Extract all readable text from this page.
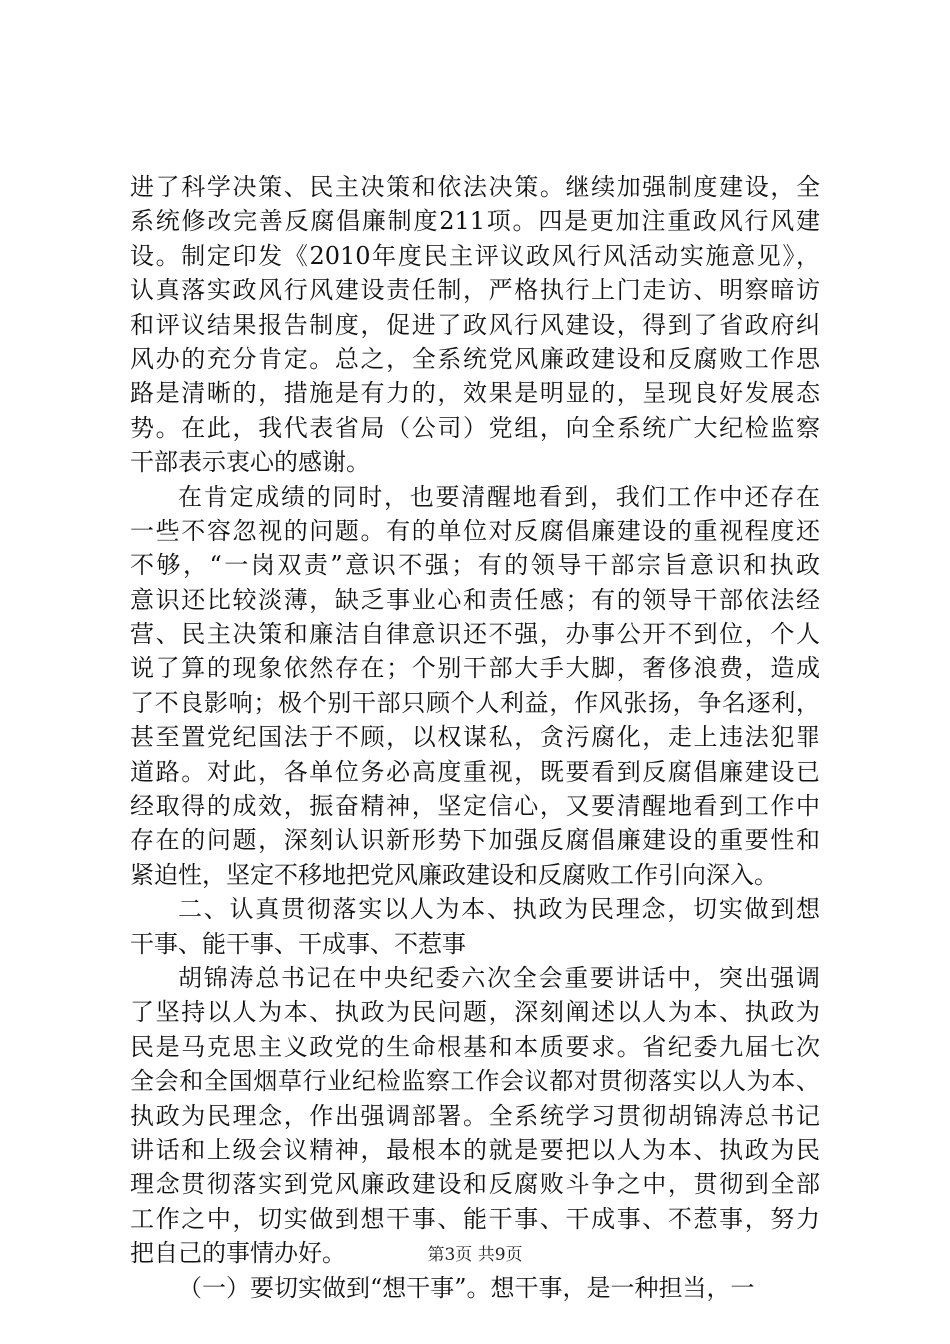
进了科学决策、民主决策和依法决策。继续加强制度建设，全
系统修改完善反腐倡廉制度211项。四是更加注重政风行风建
设。制定印发《2010年度民主评议政风行风活动实施意见》，
认真落实政风行风建设责任制，严格执行上门走访、明察暗访
和评议结果报告制度，促进了政风行风建设，得到了省政府纠
风办的充分肯定。总之，全系统党风廉政建设和反腐败工作思
路是清晰的，措施是有力的，效果是明显的，呈现良好发展态
势。在此，我代表省局（公司）党组，向全系统广大纪检监察
干部表示衷心的感谢。
在肯定成绩的同时，也要清醒地看到，我们工作中还存在
一些不容忽视的问题。有的单位对反腐倡廉建设的重视程度还
不够，“一岗双责”意识不强；有的领导干部宗旨意识和执政
意识还比较淡薄，缺乏事业心和责任感；有的领导干部依法经
营、民主决策和廉洁自律意识还不强，办事公开不到位，个人
说了算的现象依然存在；个别干部大手大脚，奢侈浪费，造成
了不良影响；极个别干部只顾个人利益，作风张扬，争名逐利，
甚至置党纪国法于不顾，以权谋私，贪污腐化，走上违法犯罪
道路。对此，各单位务必高度重视，既要看到反腐倡廉建设已
经取得的成效，振奋精神，坚定信心，又要清醒地看到工作中
存在的问题，深刻认识新形势下加强反腐倡廉建设的重要性和
紧迫性，坚定不移地把党风廉政建设和反腐败工作引向深入。
二、认真贯彻落实以人为本、执政为民理念，切实做到想
干事、能干事、干成事、不惹事
胡锦涛总书记在中央纪委六次全会重要讲话中，突出强调
了坚持以人为本、执政为民问题，深刻阐述以人为本、执政为
民是马克思主义政党的生命根基和本质要求。省纪委九届七次
全会和全国烟草行业纪检监察工作会议都对贯彻落实以人为本、
执政为民理念，作出强调部署。全系统学习贯彻胡锦涛总书记
讲话和上级会议精神，最根本的就是要把以人为本、执政为民
理念贯彻落实到党风廉政建设和反腐败斗争之中，贯彻到全部
工作之中，切实做到想干事、能干事、干成事、不惹事，努力
把自己的事情办好。
（一）要切实做到“想干事”。想干事，是一种担当，一
第3页 共9页
